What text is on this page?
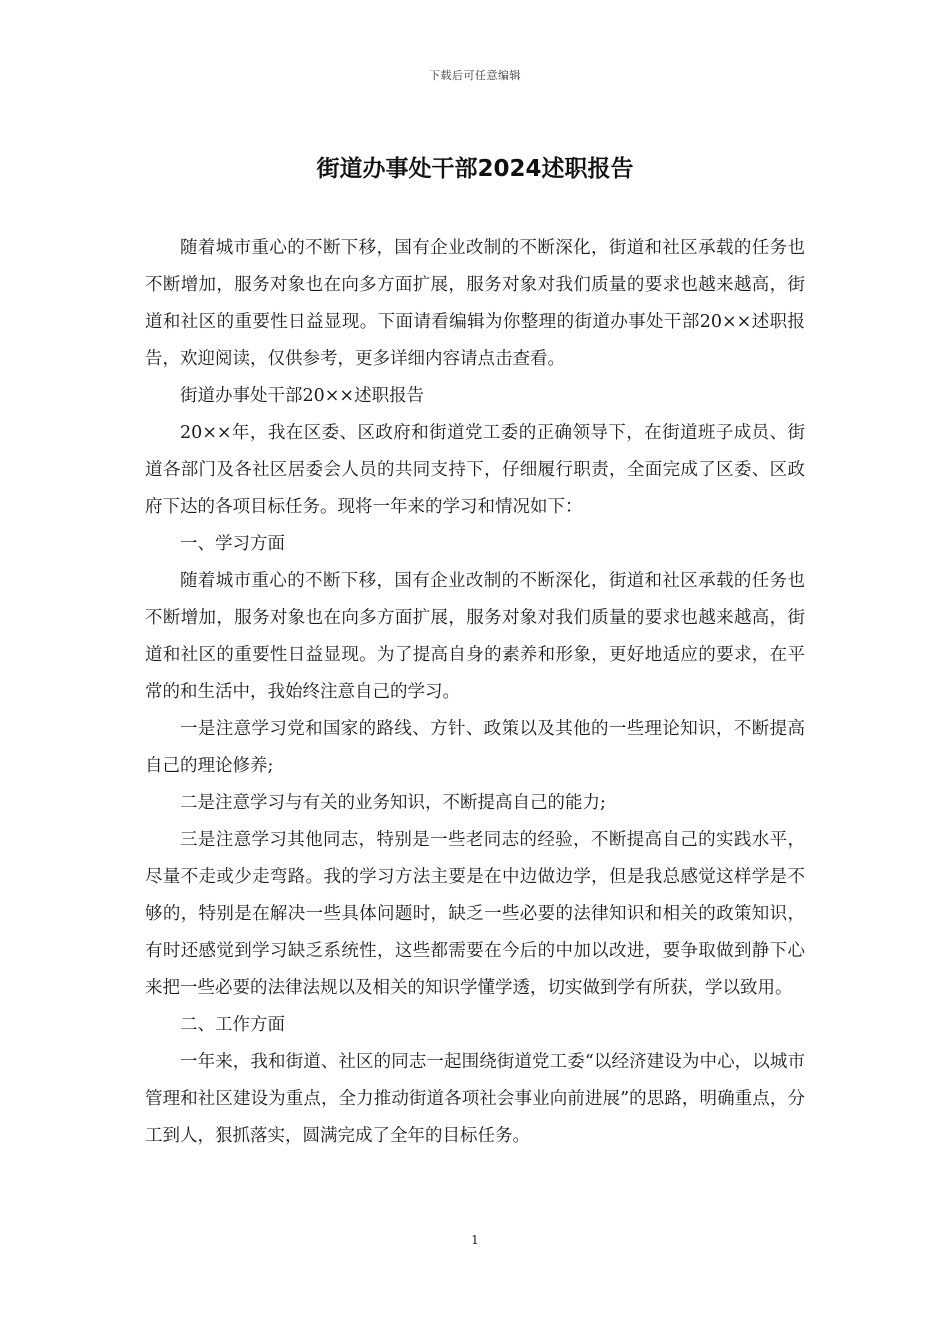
下载后可任意编辑
街道办事处干部2024述职报告

随着城市重心的不断下移，国有企业改制的不断深化，街道和社区承载的任务也不断增加，服务对象也在向多方面扩展，服务对象对我们质量的要求也越来越高，街道和社区的重要性日益显现。下面请看编辑为你整理的街道办事处干部20××述职报告，欢迎阅读，仅供参考，更多详细内容请点击查看。

街道办事处干部20××述职报告

20××年，我在区委、区政府和街道党工委的正确领导下，在街道班子成员、街道各部门及各社区居委会人员的共同支持下，仔细履行职责，全面完成了区委、区政府下达的各项目标任务。现将一年来的学习和情况如下：

一、学习方面

随着城市重心的不断下移，国有企业改制的不断深化，街道和社区承载的任务也不断增加，服务对象也在向多方面扩展，服务对象对我们质量的要求也越来越高，街道和社区的重要性日益显现。为了提高自身的素养和形象，更好地适应的要求，在平常的和生活中，我始终注意自己的学习。

一是注意学习党和国家的路线、方针、政策以及其他的一些理论知识，不断提高自己的理论修养;

二是注意学习与有关的业务知识，不断提高自己的能力;

三是注意学习其他同志，特别是一些老同志的经验，不断提高自己的实践水平，尽量不走或少走弯路。我的学习方法主要是在中边做边学，但是我总感觉这样学是不够的，特别是在解决一些具体问题时，缺乏一些必要的法律知识和相关的政策知识，有时还感觉到学习缺乏系统性，这些都需要在今后的中加以改进，要争取做到静下心来把一些必要的法律法规以及相关的知识学懂学透，切实做到学有所获，学以致用。

二、工作方面

一年来，我和街道、社区的同志一起围绕街道党工委“以经济建设为中心，以城市管理和社区建设为重点，全力推动街道各项社会事业向前进展”的思路，明确重点，分工到人，狠抓落实，圆满完成了全年的目标任务。

1
